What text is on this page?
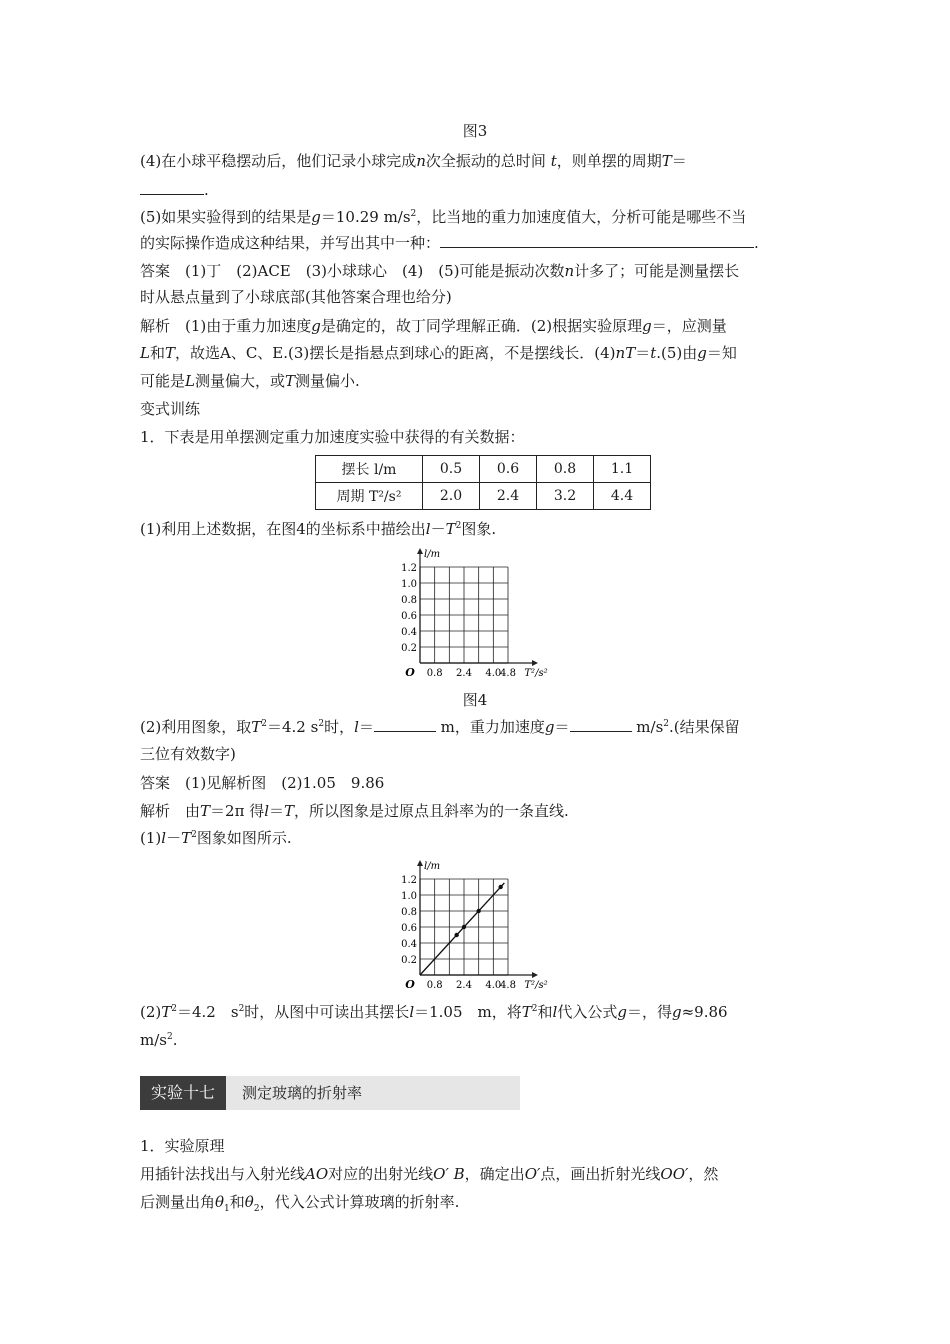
图3
(4)在小球平稳摆动后，他们记录小球完成n次全振动的总时间 t，则单摆的周期T＝
.
(5)如果实验得到的结果是g＝10.29 $m/s^2$，比当地的重力加速度值大，分析可能是哪些不当
的实际操作造成这种结果，并写出其中一种：	.
答案　(1)丁　(2)ACE　(3)小球球心　(4)　(5)可能是振动次数n计多了；可能是测量摆长
时从悬点量到了小球底部(其他答案合理也给分)
解析　(1)由于重力加速度g是确定的，故丁同学理解正确．(2)根据实验原理g＝，应测量
L和T，故选A、C、E.(3)摆长是指悬点到球心的距离，不是摆线长．(4)nT＝t.(5)由g＝知
可能是L测量偏大，或T测量偏小.
变式训练
1．下表是用单摆测定重力加速度实验中获得的有关数据：
摆长 l/m	0.5	0.6	0.8	1.1
周期 T²/s²	2.0	2.4	3.2	4.4
(1)利用上述数据，在图4的坐标系中描绘出$l-T^2$图象.
1.2
1.0
0.8
0.6
0.4
0.2
0.8 2.4 4.0
4.8
O	T²/s²
l/m
图4
(2)利用图象，取$T^2=4.2$ $s^2$时，l＝	m，重力加速度g＝	$m/s^2$.(结果保留
三位有效数字)
答案　(1)见解析图　(2)1.05　9.86
解析　由T＝2π 得l＝T，所以图象是过原点且斜率为的一条直线.
$(1)l-T^2$图象如图所示.
1.2
1.0
0.8
0.6
0.4
0.2
0.8 2.4 4.0
4.8
O	T²/s²
l/m
$(2)T^2=4.2$　$s^2$时，从图中可读出其摆长l＝1.05　m，将$T^2$和l代入公式g＝，得g≈9.86
$m/s^2$.
实验十七	测定玻璃的折射率
1．实验原理
用插针法找出与入射光线AO对应的出射光线O′ B，确定出O′点，画出折射光线OO′，然
后测量出角$\theta_1$和$\theta_2$，代入公式计算玻璃的折射率.
